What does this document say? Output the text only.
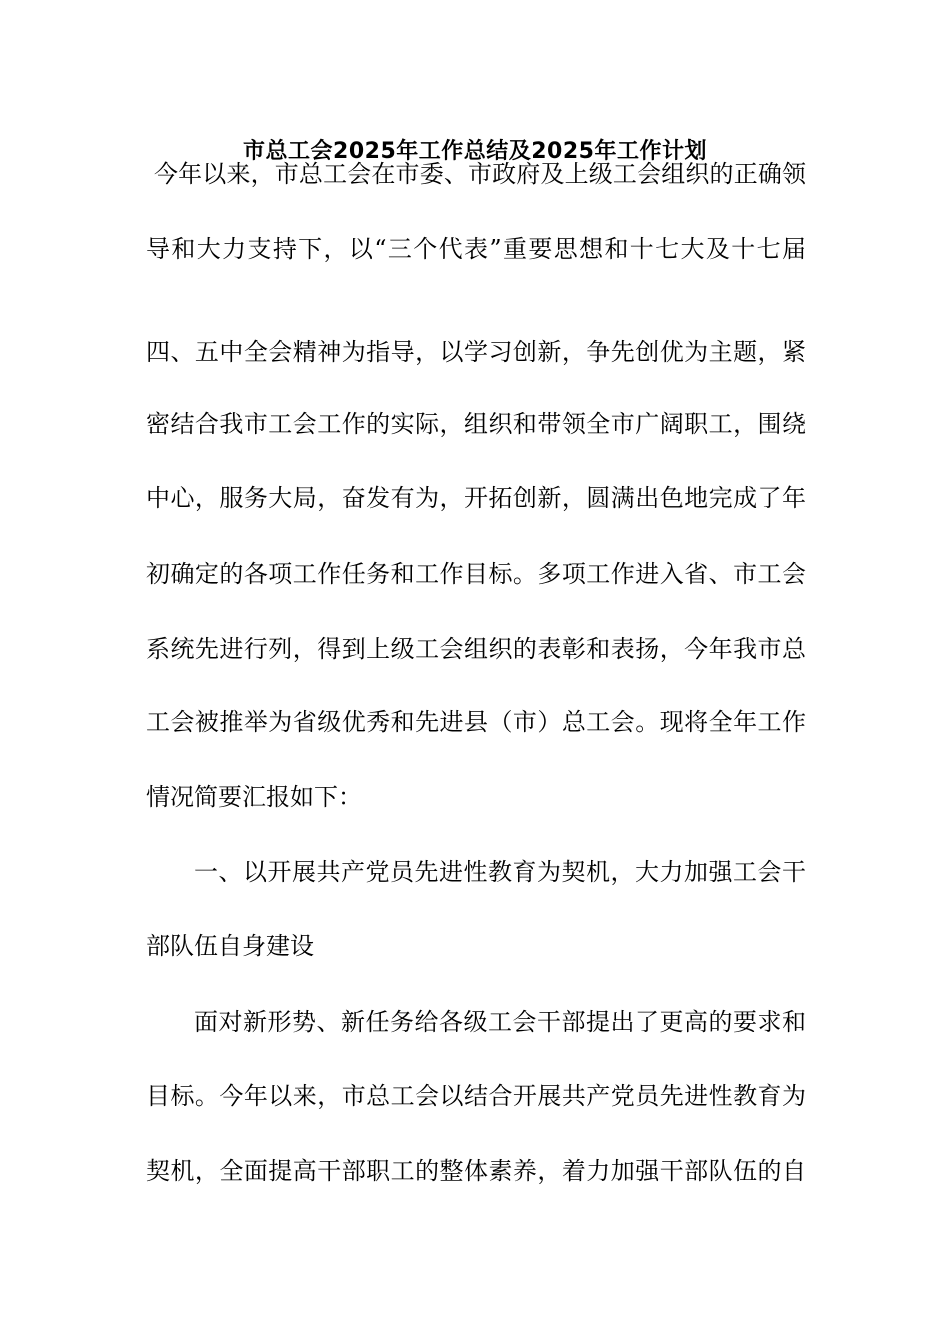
市总工会2025年工作总结及2025年工作计划
今年以来，市总工会在市委、市政府及上级工会组织的正确领
导和大力支持下，以“三个代表”重要思想和十七大及十七届
四、五中全会精神为指导，以学习创新，争先创优为主题，紧
密结合我市工会工作的实际，组织和带领全市广阔职工，围绕
中心，服务大局，奋发有为，开拓创新，圆满出色地完成了年
初确定的各项工作任务和工作目标。多项工作进入省、市工会
系统先进行列，得到上级工会组织的表彰和表扬，今年我市总
工会被推举为省级优秀和先进县（市）总工会。现将全年工作
情况简要汇报如下：
一、以开展共产党员先进性教育为契机，大力加强工会干
部队伍自身建设
面对新形势、新任务给各级工会干部提出了更高的要求和
目标。今年以来，市总工会以结合开展共产党员先进性教育为
契机，全面提高干部职工的整体素养，着力加强干部队伍的自
